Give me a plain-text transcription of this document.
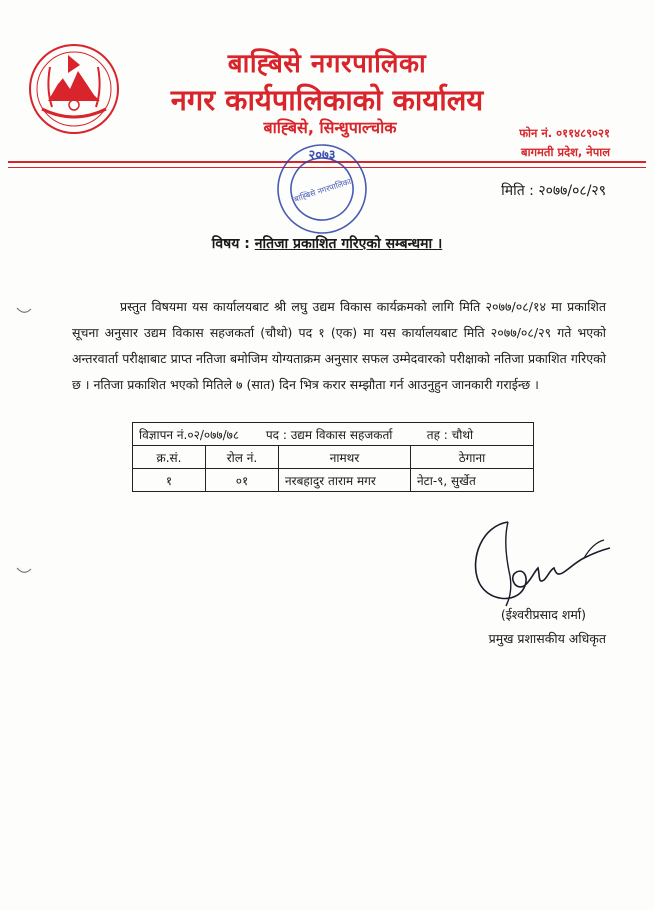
बाह्बिसे नगरपालिका
नगर कार्यपालिकाको कार्यालय
बाह्बिसे, सिन्धुपाल्चोक	फोन नं. ०११४८९०२१
बागमती प्रदेश, नेपाल
२०७३
बाह्बिसे नगरपालिका	मिति : २०७७/०८/२९
विषय : नतिजा प्रकाशित गरिएको सम्बन्धमा ।
प्रस्तुत विषयमा यस कार्यालयबाट श्री लघु उद्यम विकास कार्यक्रमको लागि मिति २०७७/०८/१४ मा प्रकाशित सूचना अनुसार उद्यम विकास सहजकर्ता (चौथो) पद १ (एक) मा यस कार्यालयबाट मिति २०७७/०८/२९ गते भएको अन्तरवार्ता परीक्षाबाट प्राप्त नतिजा बमोजिम योग्यताक्रम अनुसार सफल उम्मेदवारको परीक्षाको नतिजा प्रकाशित गरिएको छ । नतिजा प्रकाशित भएको मितिले ७ (सात) दिन भित्र करार सम्झौता गर्न आउनुहुन जानकारी गराईन्छ ।
विज्ञापन नं.०२/०७७/७८ पद : उद्यम विकास सहजकर्ता तह : चौथो			
क्र.सं.	रोल नं.	नामथर	ठेगाना
१	०१	नरबहादुर ताराम मगर	नेटा-९, सुर्खेत
(ईश्वरीप्रसाद शर्मा)
प्रमुख प्रशासकीय अधिकृत
